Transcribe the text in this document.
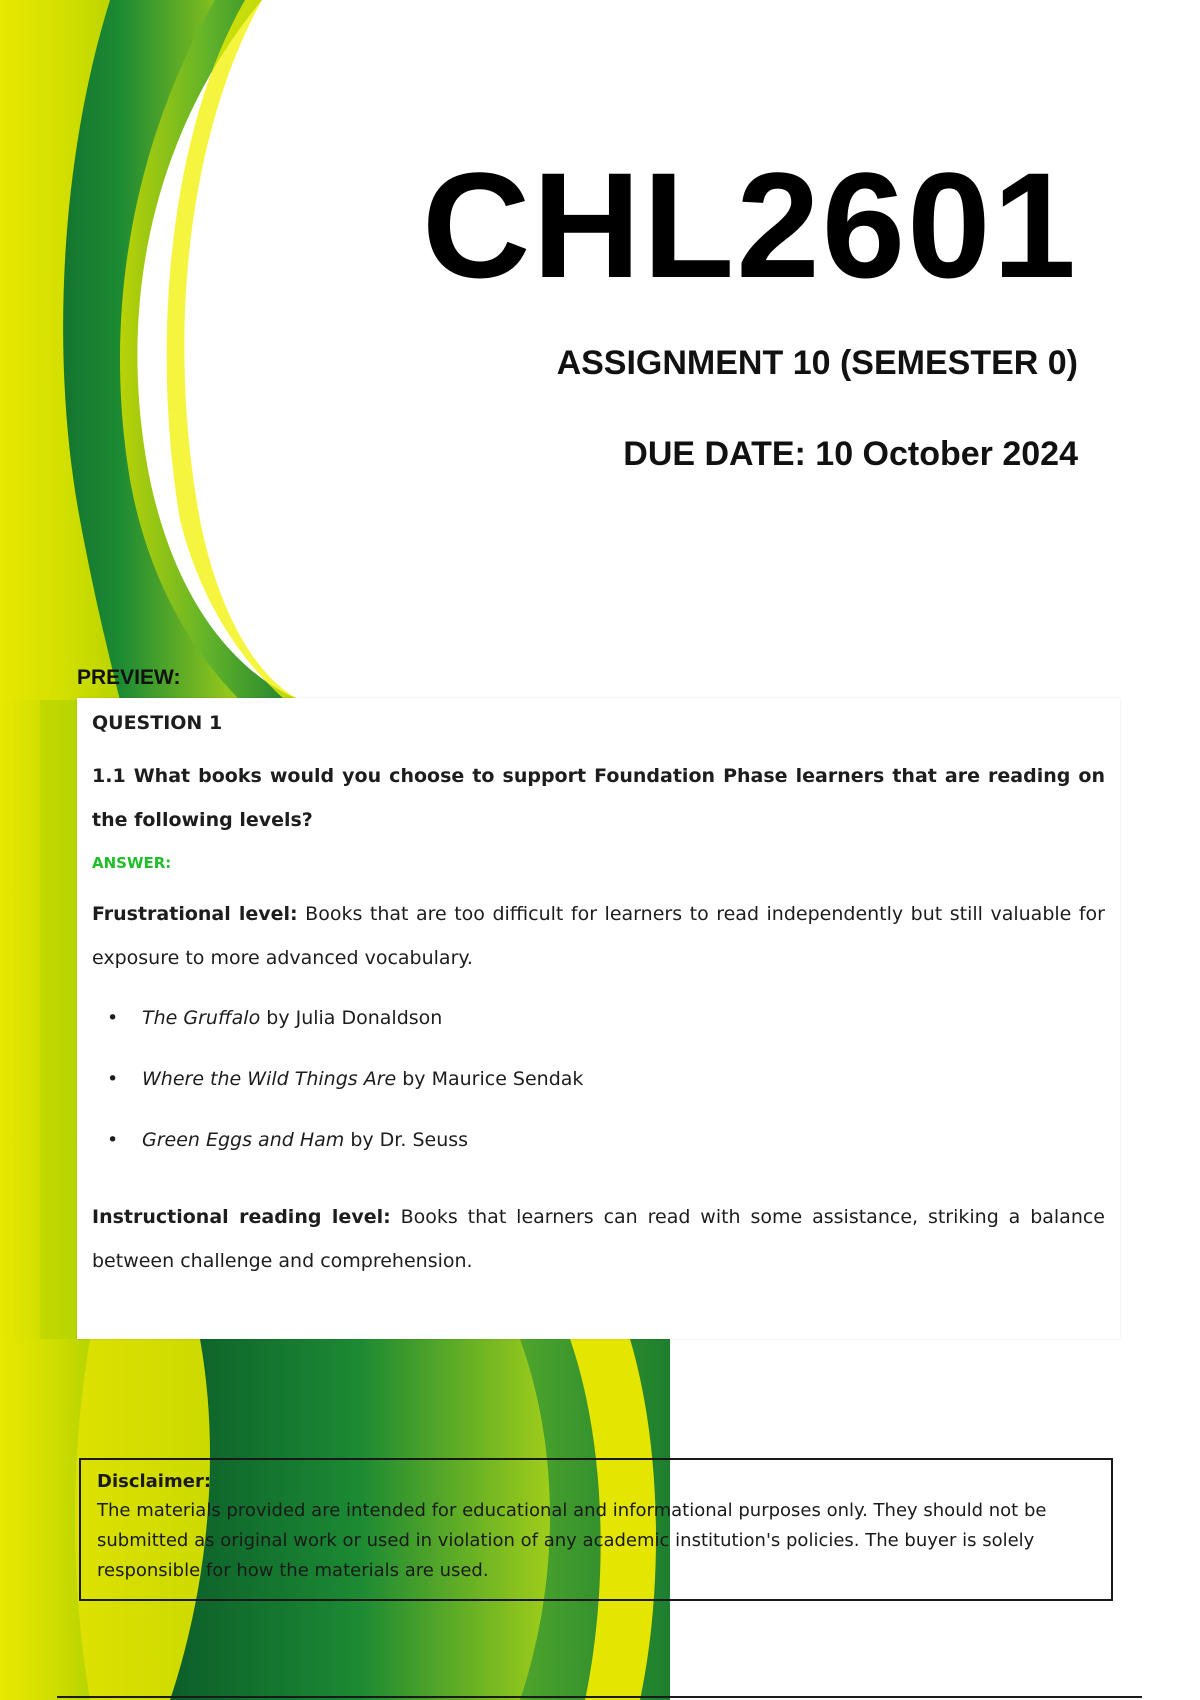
CHL2601
ASSIGNMENT 10 (SEMESTER 0)
DUE DATE: 10 October 2024
PREVIEW:
QUESTION 1
1.1 What books would you choose to support Foundation Phase learners that are reading on the following levels?
ANSWER:
Frustrational level: Books that are too difficult for learners to read independently but still valuable for exposure to more advanced vocabulary.
• The Gruffalo by Julia Donaldson
• Where the Wild Things Are by Maurice Sendak
• Green Eggs and Ham by Dr. Seuss
Instructional reading level: Books that learners can read with some assistance, striking a balance between challenge and comprehension.
Disclaimer:
The materials provided are intended for educational and informational purposes only. They should not be submitted as original work or used in violation of any academic institution's policies. The buyer is solely responsible for how the materials are used.
